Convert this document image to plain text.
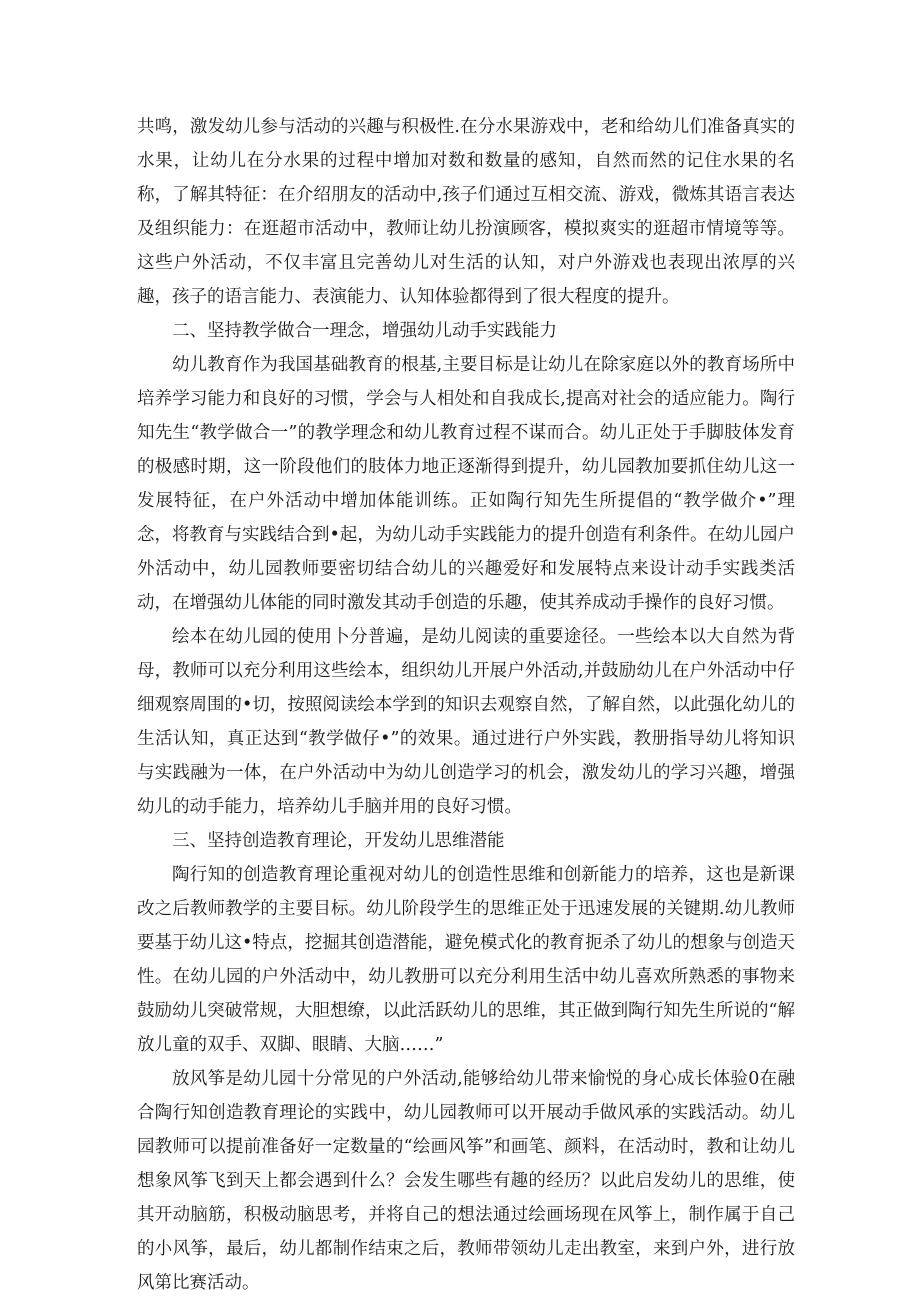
共鸣，激发幼儿参与活动的兴趣与积极性.在分水果游戏中，老和给幼儿们准备真实的水果，让幼儿在分水果的过程中增加对数和数量的感知，自然而然的记住水果的名称，了解其特征：在介绍朋友的活动中,孩子们通过互相交流、游戏，微炼其语言表达及组织能力：在逛超市活动中，教师让幼儿扮演顾客，模拟爽实的逛超市情境等等。这些户外活动，不仅丰富且完善幼儿对生活的认知，对户外游戏也表现出浓厚的兴趣，孩子的语言能力、表演能力、认知体验都得到了很大程度的提升。

二、坚持教学做合一理念，增强幼儿动手实践能力

幼儿教育作为我国基础教育的根基,主要目标是让幼儿在除家庭以外的教育场所中培养学习能力和良好的习惯，学会与人相处和自我成长,提高对社会的适应能力。陶行知先生“教学做合一”的教学理念和幼儿教育过程不谋而合。幼儿正处于手脚肢体发育的极感时期，这一阶段他们的肢体力地正逐渐得到提升，幼儿园教加要抓住幼儿这一发展特征，在户外活动中增加体能训练。正如陶行知先生所提倡的“教学做介•”理念，将教育与实践结合到•起，为幼儿动手实践能力的提升创造有利条件。在幼儿园户外活动中，幼儿园教师要密切结合幼儿的兴趣爱好和发展特点来设计动手实践类活动，在增强幼儿体能的同时激发其动手创造的乐趣，使其养成动手操作的良好习惯。

绘本在幼儿园的使用卜分普遍，是幼儿阅读的重要途径。一些绘本以大自然为背母，教师可以充分利用这些绘本，组织幼儿开展户外活动,并鼓励幼儿在户外活动中仔细观察周围的•切，按照阅读绘本学到的知识去观察自然，了解自然，以此强化幼儿的生活认知，真正达到“教学做仔•”的效果。通过进行户外实践，教册指导幼儿将知识与实践融为一体，在户外活动中为幼儿创造学习的机会，激发幼儿的学习兴趣，增强幼儿的动手能力，培养幼儿手脑并用的良好习惯。

三、坚持创造教育理论，开发幼儿思维潜能

陶行知的创造教育理论重视对幼儿的创造性思维和创新能力的培养，这也是新课改之后教师教学的主要目标。幼儿阶段学生的思维正处于迅速发展的关键期.幼儿教师要基于幼儿这•特点，挖掘其创造潜能，避免模式化的教育扼杀了幼儿的想象与创造天性。在幼儿园的户外活动中，幼儿教册可以充分利用生活中幼儿喜欢所熟悉的事物来鼓励幼儿突破常规，大胆想缭，以此活跃幼儿的思维，其正做到陶行知先生所说的“解放儿童的双手、双脚、眼睛、大脑……”

放风筝是幼儿园十分常见的户外活动,能够给幼儿带来愉悦的身心成长体验0在融合陶行知创造教育理论的实践中，幼儿园教师可以开展动手做风承的实践活动。幼儿园教师可以提前准备好一定数量的“绘画风筝”和画笔、颜料，在活动时，教和让幼儿想象风筝飞到天上都会遇到什么？会发生哪些有趣的经历？以此启发幼儿的思维，使其开动脑筋，积极动脑思考，并将自己的想法通过绘画场现在风筝上，制作属于自己的小风筝，最后，幼儿都制作结束之后，教师带领幼儿走出教室，来到户外，进行放风第比赛活动。
